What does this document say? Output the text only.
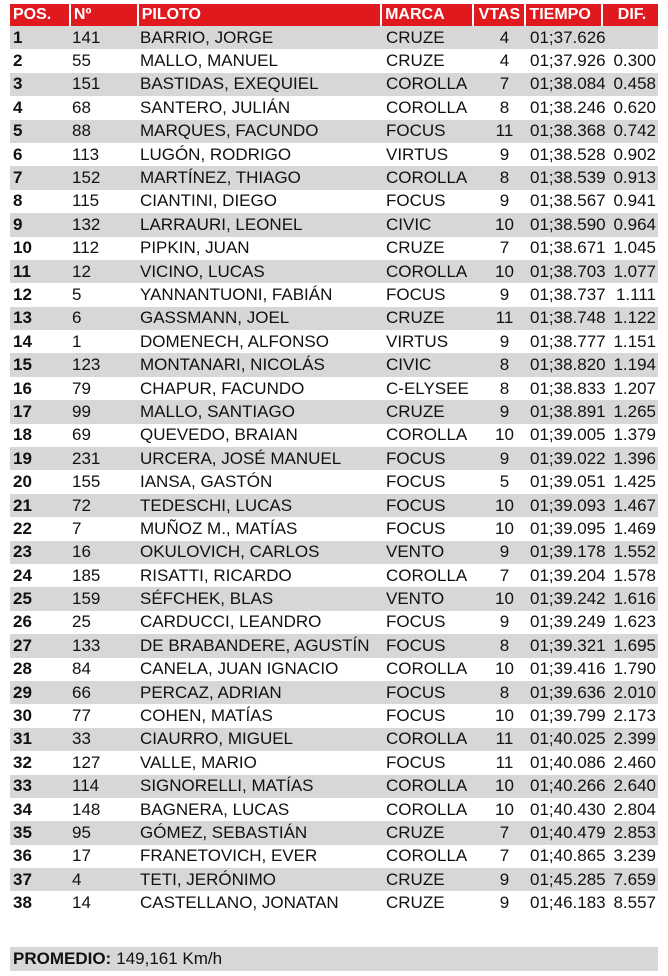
POS.	Nº	PILOTO	MARCA	VTAS TIEMPO	DIF.
1	141	BARRIO, JORGE	CRUZE	4	01;37.626
2	55	MALLO, MANUEL	CRUZE	4	01;37.926 0.300
3	151	BASTIDAS, EXEQUIEL	COROLLA	7	01;38.084 0.458
4	68	SANTERO, JULIÁN	COROLLA	8	01;38.246 0.620
5	88	MARQUES, FACUNDO	FOCUS	11 01;38.368 0.742
6	113	LUGÓN, RODRIGO	VIRTUS	9	01;38.528 0.902
7	152	MARTÍNEZ, THIAGO	COROLLA	8	01;38.539 0.913
8	115	CIANTINI, DIEGO	FOCUS	9	01;38.567 0.941
9	132	LARRAURI, LEONEL	CIVIC	10 01;38.590 0.964
10	112	PIPKIN, JUAN	CRUZE	7	01;38.671 1.045
11	12	VICINO, LUCAS	COROLLA	10 01;38.703 1.077
12	5	YANNANTUONI, FABIÁN	FOCUS	9	01;38.737 1.111
13	6	GASSMANN, JOEL	CRUZE	11 01;38.748 1.122
14	1	DOMENECH, ALFONSO	VIRTUS	9	01;38.777 1.151
15	123	MONTANARI, NICOLÁS	CIVIC	8	01;38.820 1.194
16	79	CHAPUR, FACUNDO	C-ELYSEE	8	01;38.833 1.207
17	99	MALLO, SANTIAGO	CRUZE	9	01;38.891 1.265
18	69	QUEVEDO, BRAIAN	COROLLA	10 01;39.005 1.379
19	231	URCERA, JOSÉ MANUEL	FOCUS	9	01;39.022 1.396
20	155	IANSA, GASTÓN	FOCUS	5	01;39.051 1.425
21	72	TEDESCHI, LUCAS	FOCUS	10 01;39.093 1.467
22	7	MUÑOZ M., MATÍAS	FOCUS	10 01;39.095 1.469
23	16	OKULOVICH, CARLOS	VENTO	9	01;39.178 1.552
24	185	RISATTI, RICARDO	COROLLA	7	01;39.204 1.578
25	159	SÉFCHEK, BLAS	VENTO	10 01;39.242 1.616
26	25	CARDUCCI, LEANDRO	FOCUS	9	01;39.249 1.623
27	133	DE BRABANDERE, AGUSTÍN FOCUS	8	01;39.321 1.695
28	84	CANELA, JUAN IGNACIO	COROLLA	10 01;39.416 1.790
29	66	PERCAZ, ADRIAN	FOCUS	8	01;39.636 2.010
30	77	COHEN, MATÍAS	FOCUS	10 01;39.799 2.173
31	33	CIAURRO, MIGUEL	COROLLA	11 01;40.025 2.399
32	127	VALLE, MARIO	FOCUS	11 01;40.086 2.460
33	114	SIGNORELLI, MATÍAS	COROLLA	10 01;40.266 2.640
34	148	BAGNERA, LUCAS	COROLLA	10 01;40.430 2.804
35	95	GÓMEZ, SEBASTIÁN	CRUZE	7	01;40.479 2.853
36	17	FRANETOVICH, EVER	COROLLA	7	01;40.865 3.239
37	4	TETI, JERÓNIMO	CRUZE	9	01;45.285 7.659
38	14	CASTELLANO, JONATAN	CRUZE	9	01;46.183 8.557
PROMEDIO: 149,161 Km/h
